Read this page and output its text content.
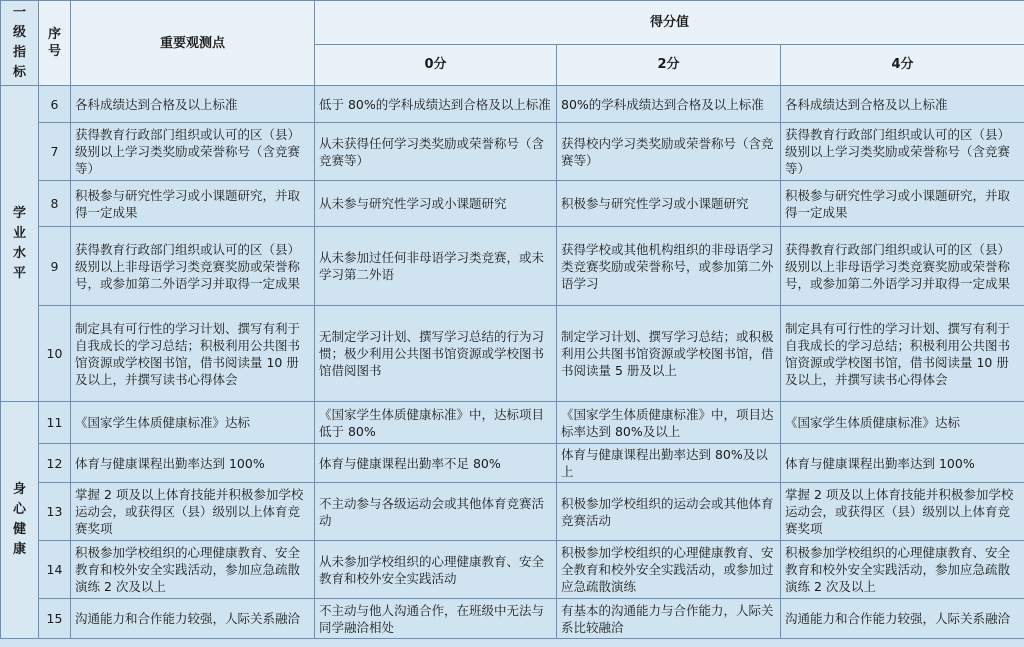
一
级
指
标	序号	重要观测点	得分值		
			0分	2分	4分

学
业
水
平	6	各科成绩达到合格及以上标准	低于 80%的学科成绩达到合格及以上标准	80%的学科成绩达到合格及以上标准	各科成绩达到合格及以上标准
	7	获得教育行政部门组织或认可的区（县）级别以上学习类奖励或荣誉称号（含竞赛等）	从未获得任何学习类奖励或荣誉称号（含竞赛等）	获得校内学习类奖励或荣誉称号（含竞赛等）	获得教育行政部门组织或认可的区（县）级别以上学习类奖励或荣誉称号（含竞赛等）
	8	积极参与研究性学习或小课题研究，并取得一定成果	从未参与研究性学习或小课题研究	积极参与研究性学习或小课题研究	积极参与研究性学习或小课题研究，并取得一定成果
	9	获得教育行政部门组织或认可的区（县）级别以上非母语学习类竞赛奖励或荣誉称号，或参加第二外语学习并取得一定成果	从未参加过任何非母语学习类竞赛，或未学习第二外语	获得学校或其他机构组织的非母语学习类竞赛奖励或荣誉称号，或参加第二外语学习	获得教育行政部门组织或认可的区（县）级别以上非母语学习类竞赛奖励或荣誉称号，或参加第二外语学习并取得一定成果
	10	制定具有可行性的学习计划、撰写有利于自我成长的学习总结；积极利用公共图书馆资源或学校图书馆，借书阅读量 10 册及以上，并撰写读书心得体会	无制定学习计划、撰写学习总结的行为习惯；极少利用公共图书馆资源或学校图书馆借阅图书	制定学习计划、撰写学习总结；或积极利用公共图书馆资源或学校图书馆，借书阅读量 5 册及以上	制定具有可行性的学习计划、撰写有利于自我成长的学习总结；积极利用公共图书馆资源或学校图书馆，借书阅读量 10 册及以上，并撰写读书心得体会

身
心
健
康	11	《国家学生体质健康标准》达标	《国家学生体质健康标准》中，达标项目低于 80%	《国家学生体质健康标准》中，项目达标率达到 80%及以上	《国家学生体质健康标准》达标
	12	体育与健康课程出勤率达到 100%	体育与健康课程出勤率不足 80%	体育与健康课程出勤率达到 80%及以上	体育与健康课程出勤率达到 100%
	13	掌握 2 项及以上体育技能并积极参加学校运动会，或获得区（县）级别以上体育竞赛奖项	不主动参与各级运动会或其他体育竞赛活动	积极参加学校组织的运动会或其他体育竞赛活动	掌握 2 项及以上体育技能并积极参加学校运动会，或获得区（县）级别以上体育竞赛奖项
	14	积极参加学校组织的心理健康教育、安全教育和校外安全实践活动，参加应急疏散演练 2 次及以上	从未参加学校组织的心理健康教育、安全教育和校外安全实践活动	积极参加学校组织的心理健康教育、安全教育和校外安全实践活动，或参加过应急疏散演练	积极参加学校组织的心理健康教育、安全教育和校外安全实践活动，参加应急疏散演练 2 次及以上
	15	沟通能力和合作能力较强，人际关系融洽	不主动与他人沟通合作，在班级中无法与同学融洽相处	有基本的沟通能力与合作能力，人际关系比较融洽	沟通能力和合作能力较强，人际关系融洽
